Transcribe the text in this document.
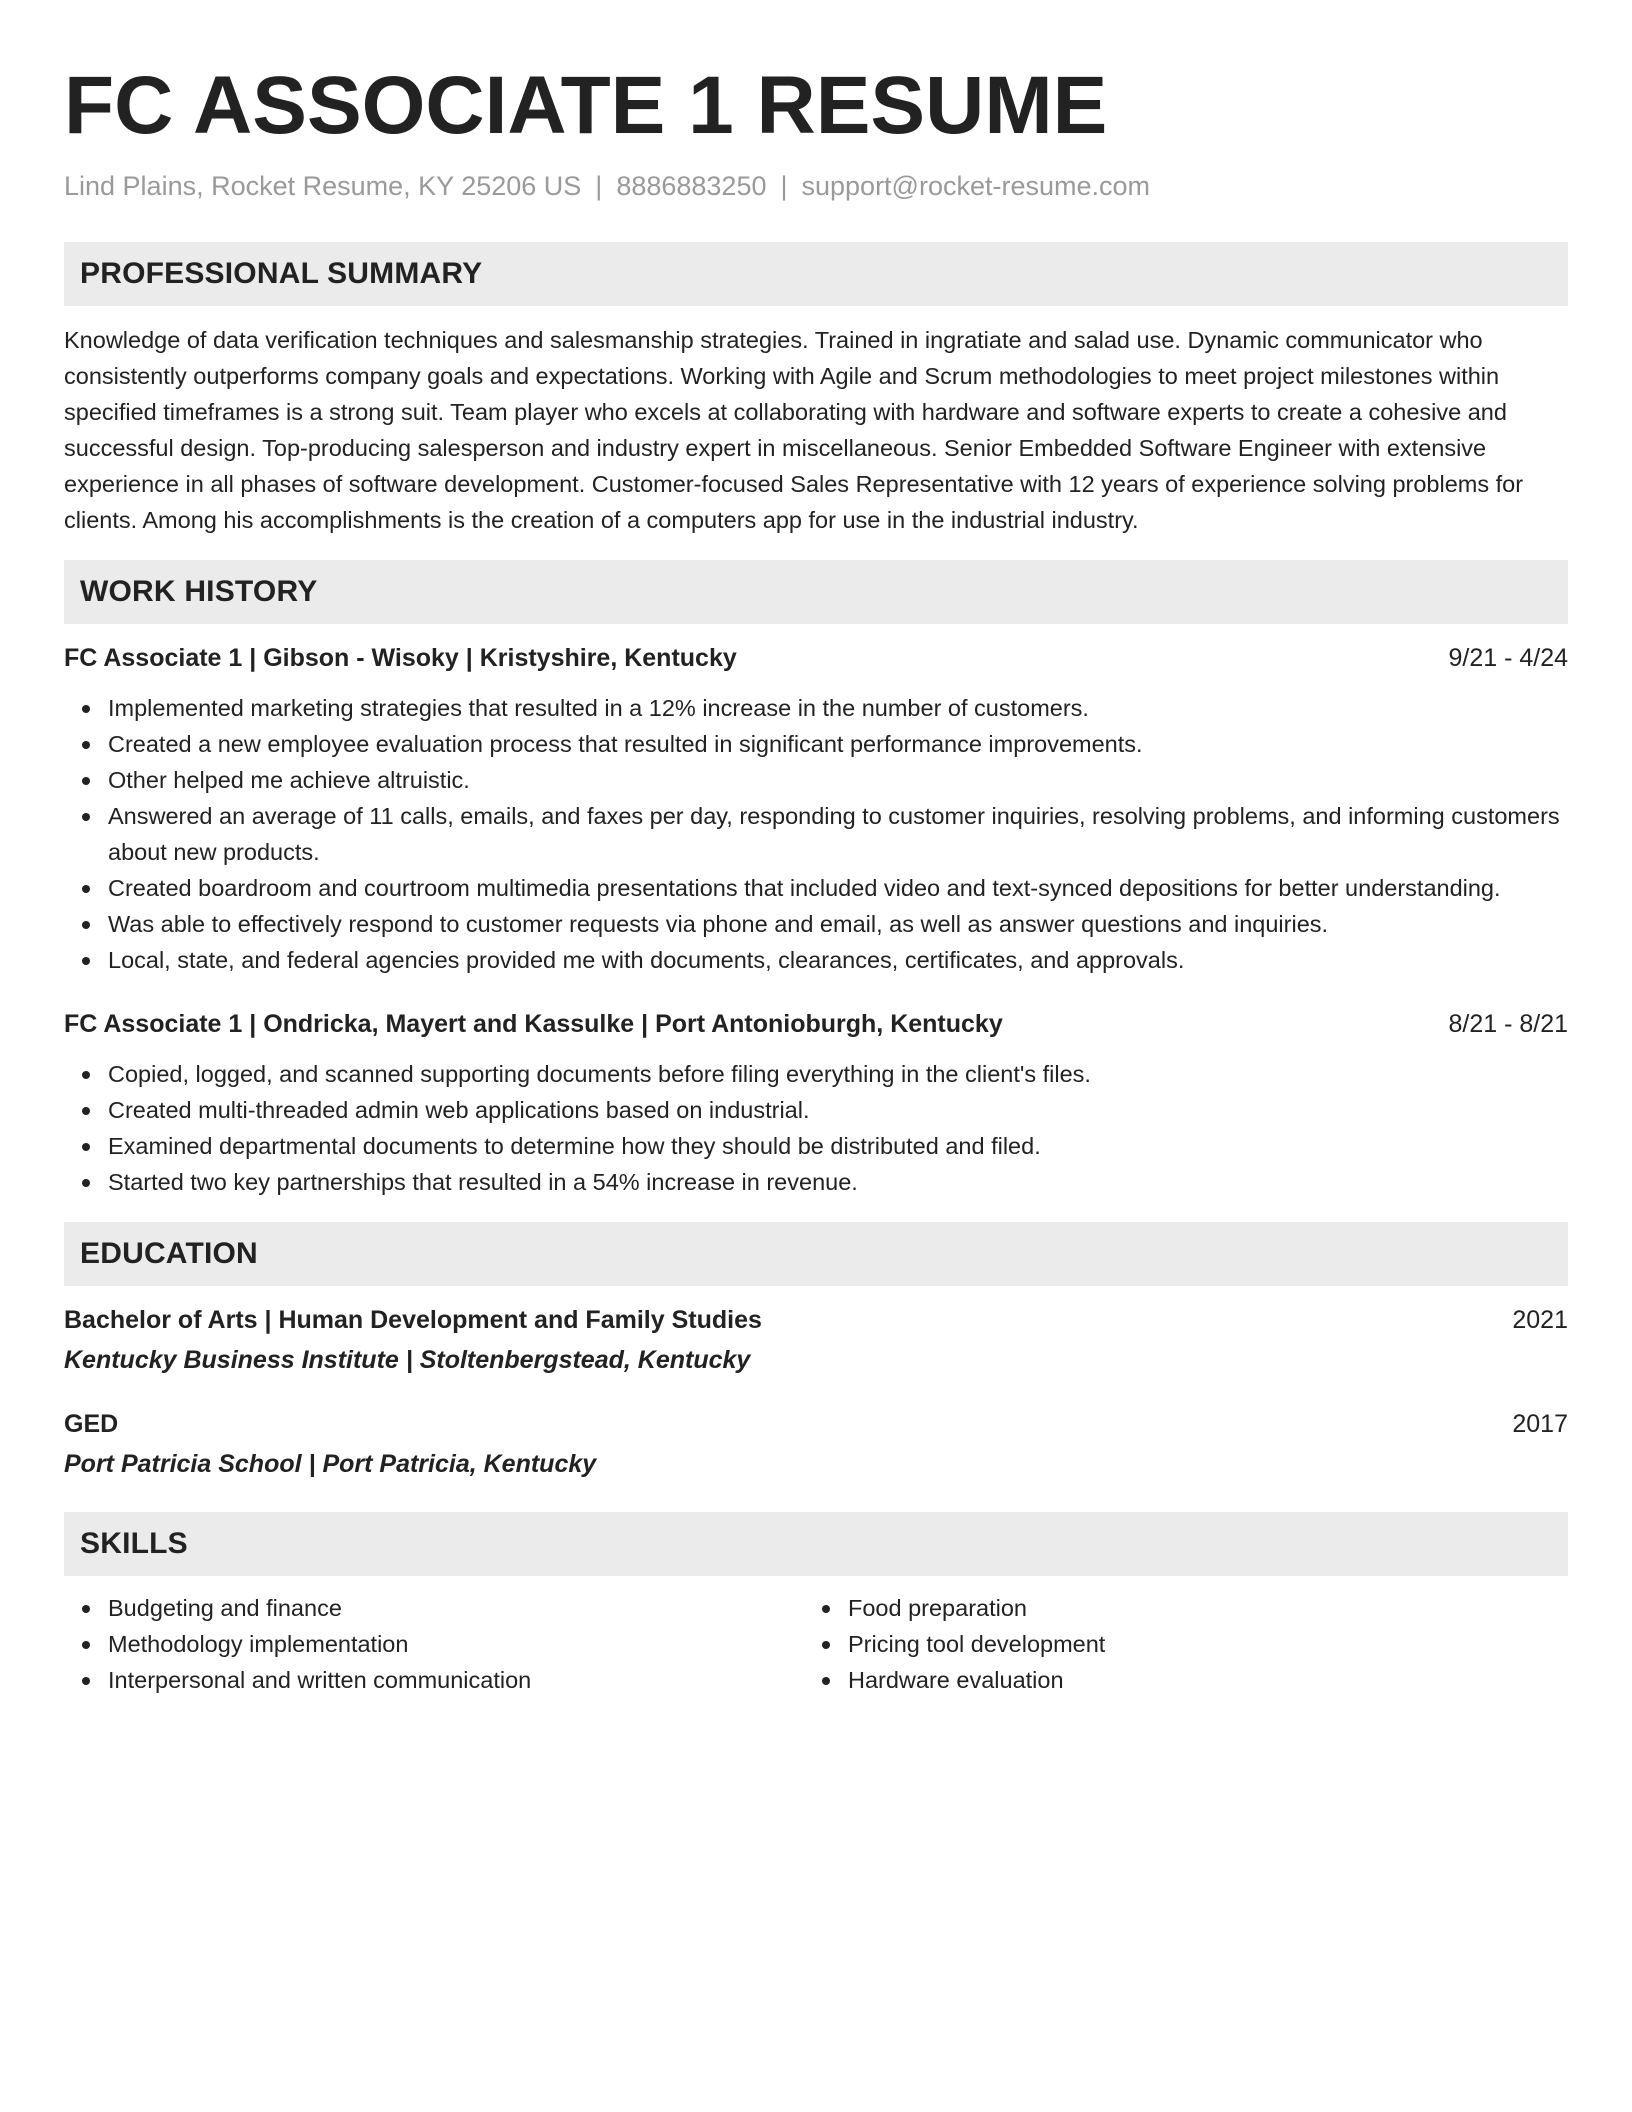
FC ASSOCIATE 1 RESUME
Lind Plains, Rocket Resume, KY 25206 US | 8886883250 | support@rocket-resume.com
PROFESSIONAL SUMMARY

Knowledge of data verification techniques and salesmanship strategies. Trained in ingratiate and salad use. Dynamic communicator who consistently outperforms company goals and expectations. Working with Agile and Scrum methodologies to meet project milestones within specified timeframes is a strong suit. Team player who excels at collaborating with hardware and software experts to create a cohesive and successful design. Top-producing salesperson and industry expert in miscellaneous. Senior Embedded Software Engineer with extensive experience in all phases of software development. Customer-focused Sales Representative with 12 years of experience solving problems for clients. Among his accomplishments is the creation of a computers app for use in the industrial industry.

WORK HISTORY
FC Associate 1 | Gibson - Wisoky | Kristyshire, Kentucky	9/21 - 4/24
Implemented marketing strategies that resulted in a 12% increase in the number of customers.
Created a new employee evaluation process that resulted in significant performance improvements.
Other helped me achieve altruistic.
Answered an average of 11 calls, emails, and faxes per day, responding to customer inquiries, resolving problems, and informing customers about new products.
Created boardroom and courtroom multimedia presentations that included video and text-synced depositions for better understanding.
Was able to effectively respond to customer requests via phone and email, as well as answer questions and inquiries.
Local, state, and federal agencies provided me with documents, clearances, certificates, and approvals.
FC Associate 1 | Ondricka, Mayert and Kassulke | Port Antonioburgh, Kentucky	8/21 - 8/21
Copied, logged, and scanned supporting documents before filing everything in the client's files.
Created multi-threaded admin web applications based on industrial.
Examined departmental documents to determine how they should be distributed and filed.
Started two key partnerships that resulted in a 54% increase in revenue.
EDUCATION
Bachelor of Arts | Human Development and Family Studies	2021
Kentucky Business Institute | Stoltenbergstead, Kentucky
GED	2017
Port Patricia School | Port Patricia, Kentucky
SKILLS
Budgeting and finance
Methodology implementation
Interpersonal and written communication
Food preparation
Pricing tool development
Hardware evaluation
